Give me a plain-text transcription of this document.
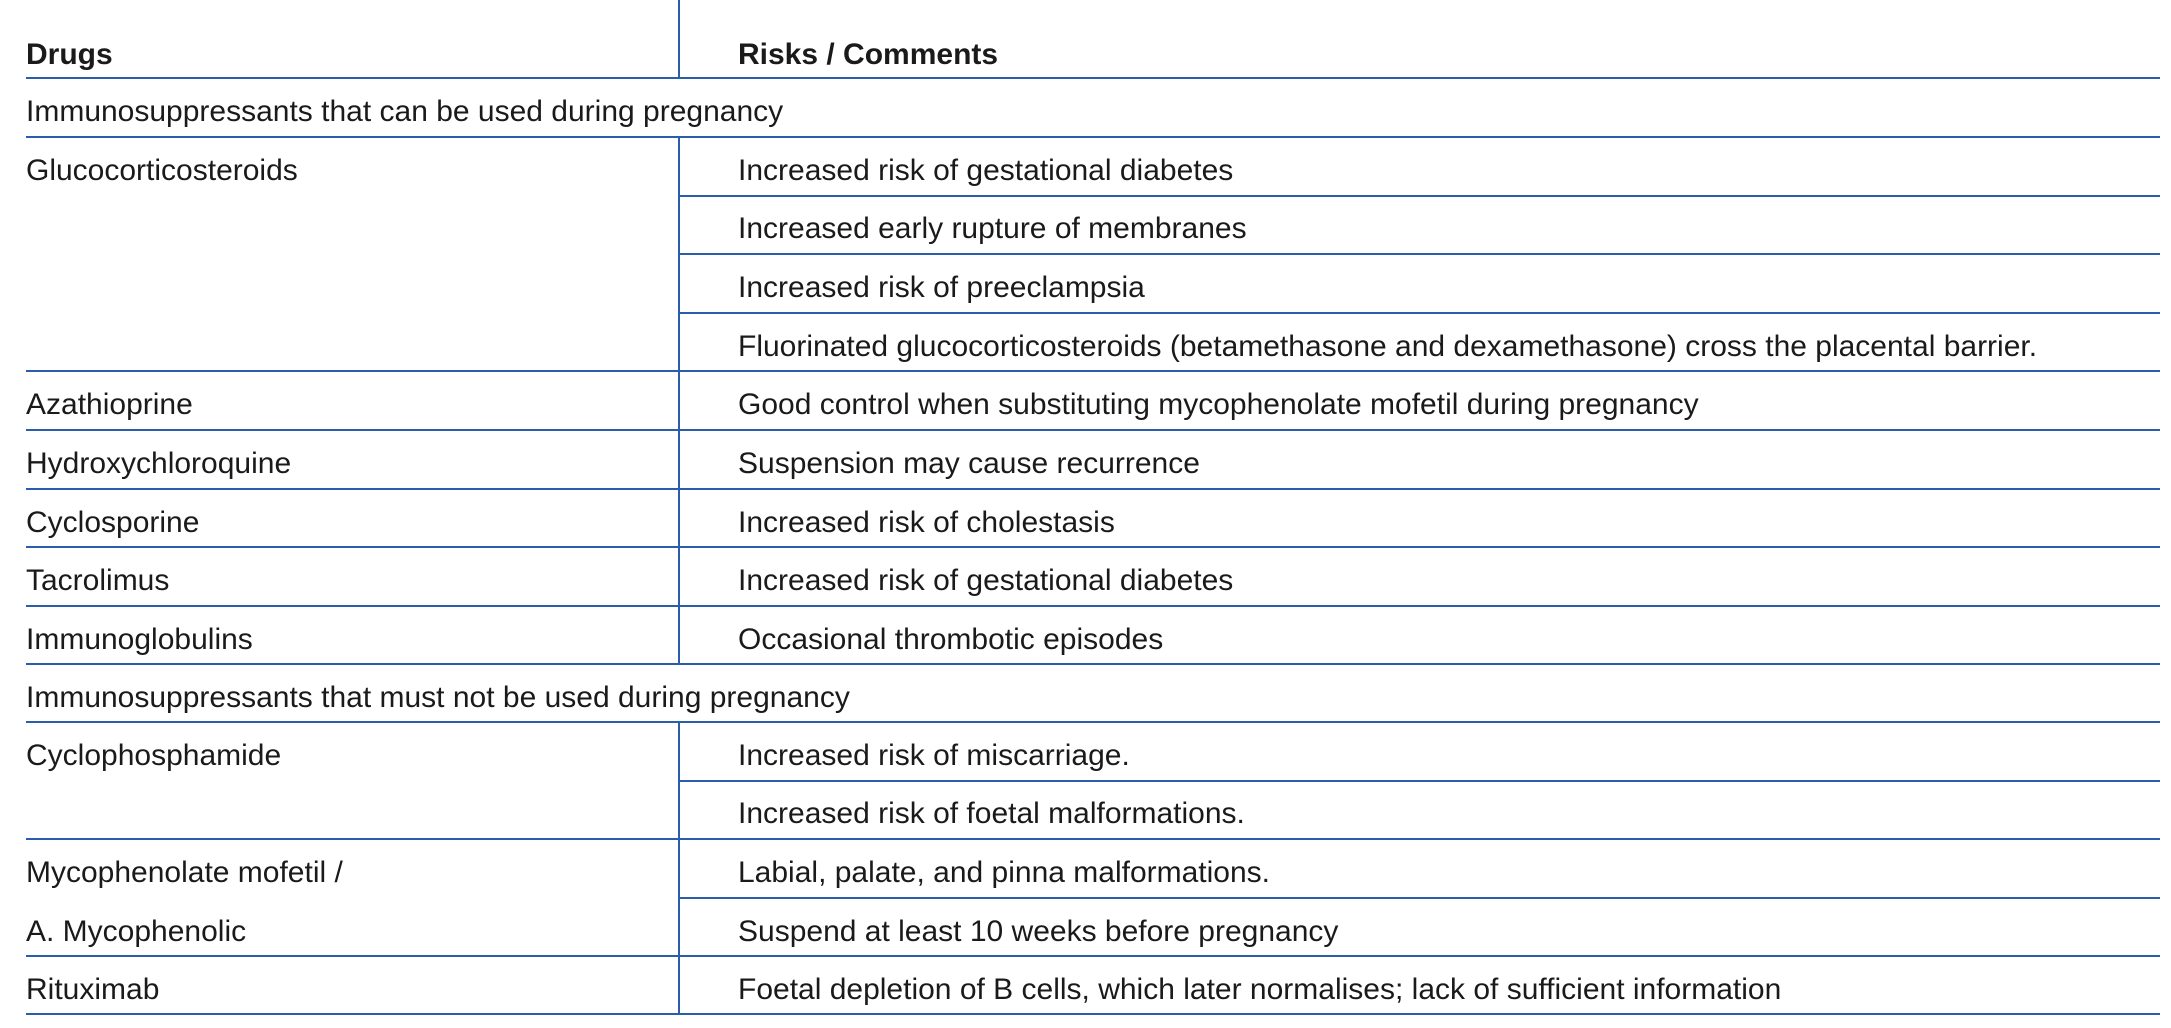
Drugs	Risks / Comments
Immunosuppressants that can be used during pregnancy
Glucocorticosteroids	Increased risk of gestational diabetes
Increased early rupture of membranes
Increased risk of preeclampsia
Fluorinated glucocorticosteroids (betamethasone and dexamethasone) cross the placental barrier.
Azathioprine	Good control when substituting mycophenolate mofetil during pregnancy
Hydroxychloroquine	Suspension may cause recurrence
Cyclosporine	Increased risk of cholestasis
Tacrolimus	Increased risk of gestational diabetes
Immunoglobulins	Occasional thrombotic episodes
Immunosuppressants that must not be used during pregnancy
Cyclophosphamide	Increased risk of miscarriage.
Increased risk of foetal malformations.
Mycophenolate mofetil /	Labial, palate, and pinna malformations.
A. Mycophenolic	Suspend at least 10 weeks before pregnancy
Rituximab	Foetal depletion of B cells, which later normalises; lack of sufficient information
